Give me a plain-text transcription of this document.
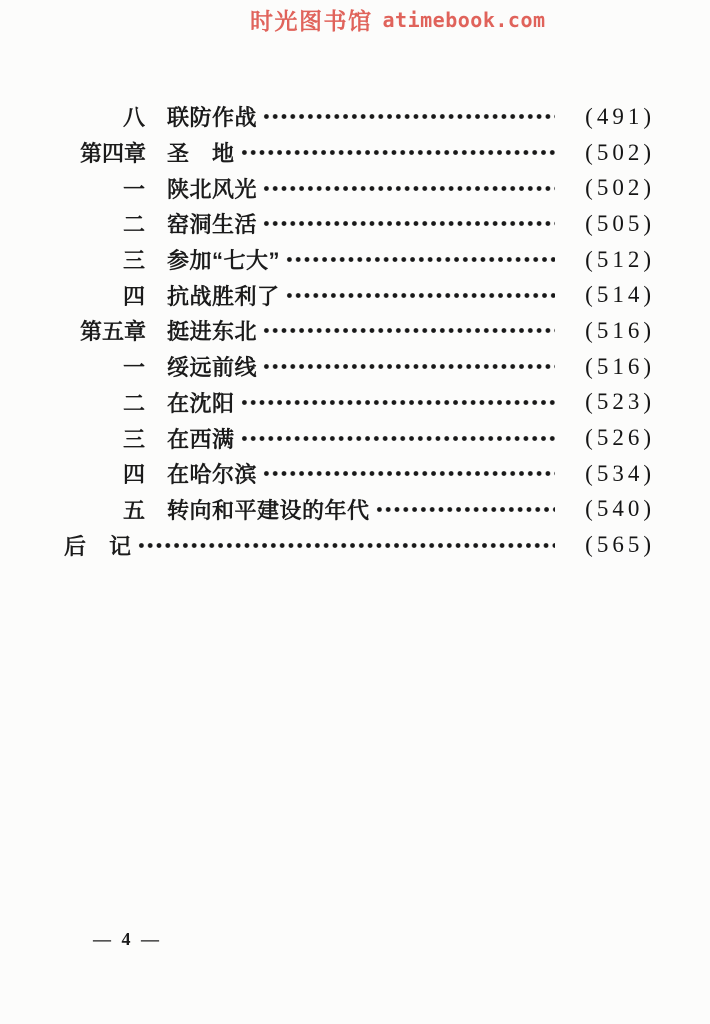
时光图书馆 atimebook.com
八	联防作战	(491)
第四章 圣　地	(502)
一	陕北风光	(502)
二	窑洞生活	(505)
三	参加“七大”	(512)
四	抗战胜利了	(514)
第五章 挺进东北	(516)
一	绥远前线	(516)
二	在沈阳	(523)
三	在西满	(526)
四	在哈尔滨	(534)
五	转向和平建设的年代	(540)
后　记	(565)
— 4 —
